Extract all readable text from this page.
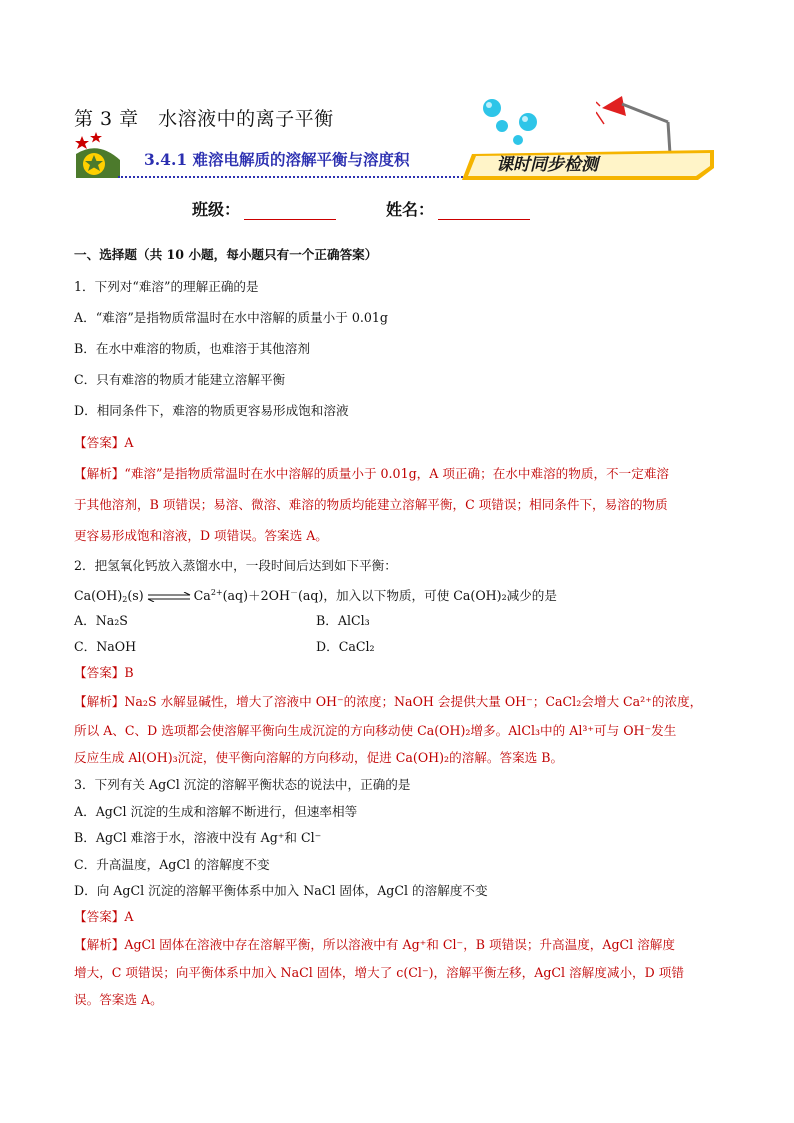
第 3 章　水溶液中的离子平衡
3.4.1 难溶电解质的溶解平衡与溶度积	课时同步检测
班级：	姓名：
一、选择题（共 10 小题，每小题只有一个正确答案）
1．下列对“难溶”的理解正确的是
A．“难溶”是指物质常温时在水中溶解的质量小于 0.01g
B．在水中难溶的物质，也难溶于其他溶剂
C．只有难溶的物质才能建立溶解平衡
D．相同条件下，难溶的物质更容易形成饱和溶液
【答案】A
【解析】“难溶”是指物质常温时在水中溶解的质量小于 0.01g，A 项正确；在水中难溶的物质，不一定难溶
于其他溶剂，B 项错误；易溶、微溶、难溶的物质均能建立溶解平衡，C 项错误；相同条件下，易溶的物质
更容易形成饱和溶液，D 项错误。答案选 A。
2．把氢氧化钙放入蒸馏水中，一段时间后达到如下平衡：
$Ca(OH)_2(s)$ ⇌ $Ca^{2+}(aq)+2OH^-(aq)$，加入以下物质，可使 Ca(OH)₂减少的是
A．Na₂S	B．AlCl₃
C．NaOH	D．CaCl₂
【答案】B
【解析】Na₂S 水解显碱性，增大了溶液中 OH⁻的浓度；NaOH 会提供大量 OH⁻；CaCl₂会增大 Ca²⁺的浓度，
所以 A、C、D 选项都会使溶解平衡向生成沉淀的方向移动使 Ca(OH)₂增多。AlCl₃中的 Al³⁺可与 OH⁻发生
反应生成 Al(OH)₃沉淀，使平衡向溶解的方向移动，促进 Ca(OH)₂的溶解。答案选 B。
3．下列有关 AgCl 沉淀的溶解平衡状态的说法中，正确的是
A．AgCl 沉淀的生成和溶解不断进行，但速率相等
B．AgCl 难溶于水，溶液中没有 Ag⁺和 Cl⁻
C．升高温度，AgCl 的溶解度不变
D．向 AgCl 沉淀的溶解平衡体系中加入 NaCl 固体，AgCl 的溶解度不变
【答案】A
【解析】AgCl 固体在溶液中存在溶解平衡，所以溶液中有 Ag⁺和 Cl⁻，B 项错误；升高温度，AgCl 溶解度
增大，C 项错误；向平衡体系中加入 NaCl 固体，增大了 c(Cl⁻)，溶解平衡左移，AgCl 溶解度减小，D 项错
误。答案选 A。
